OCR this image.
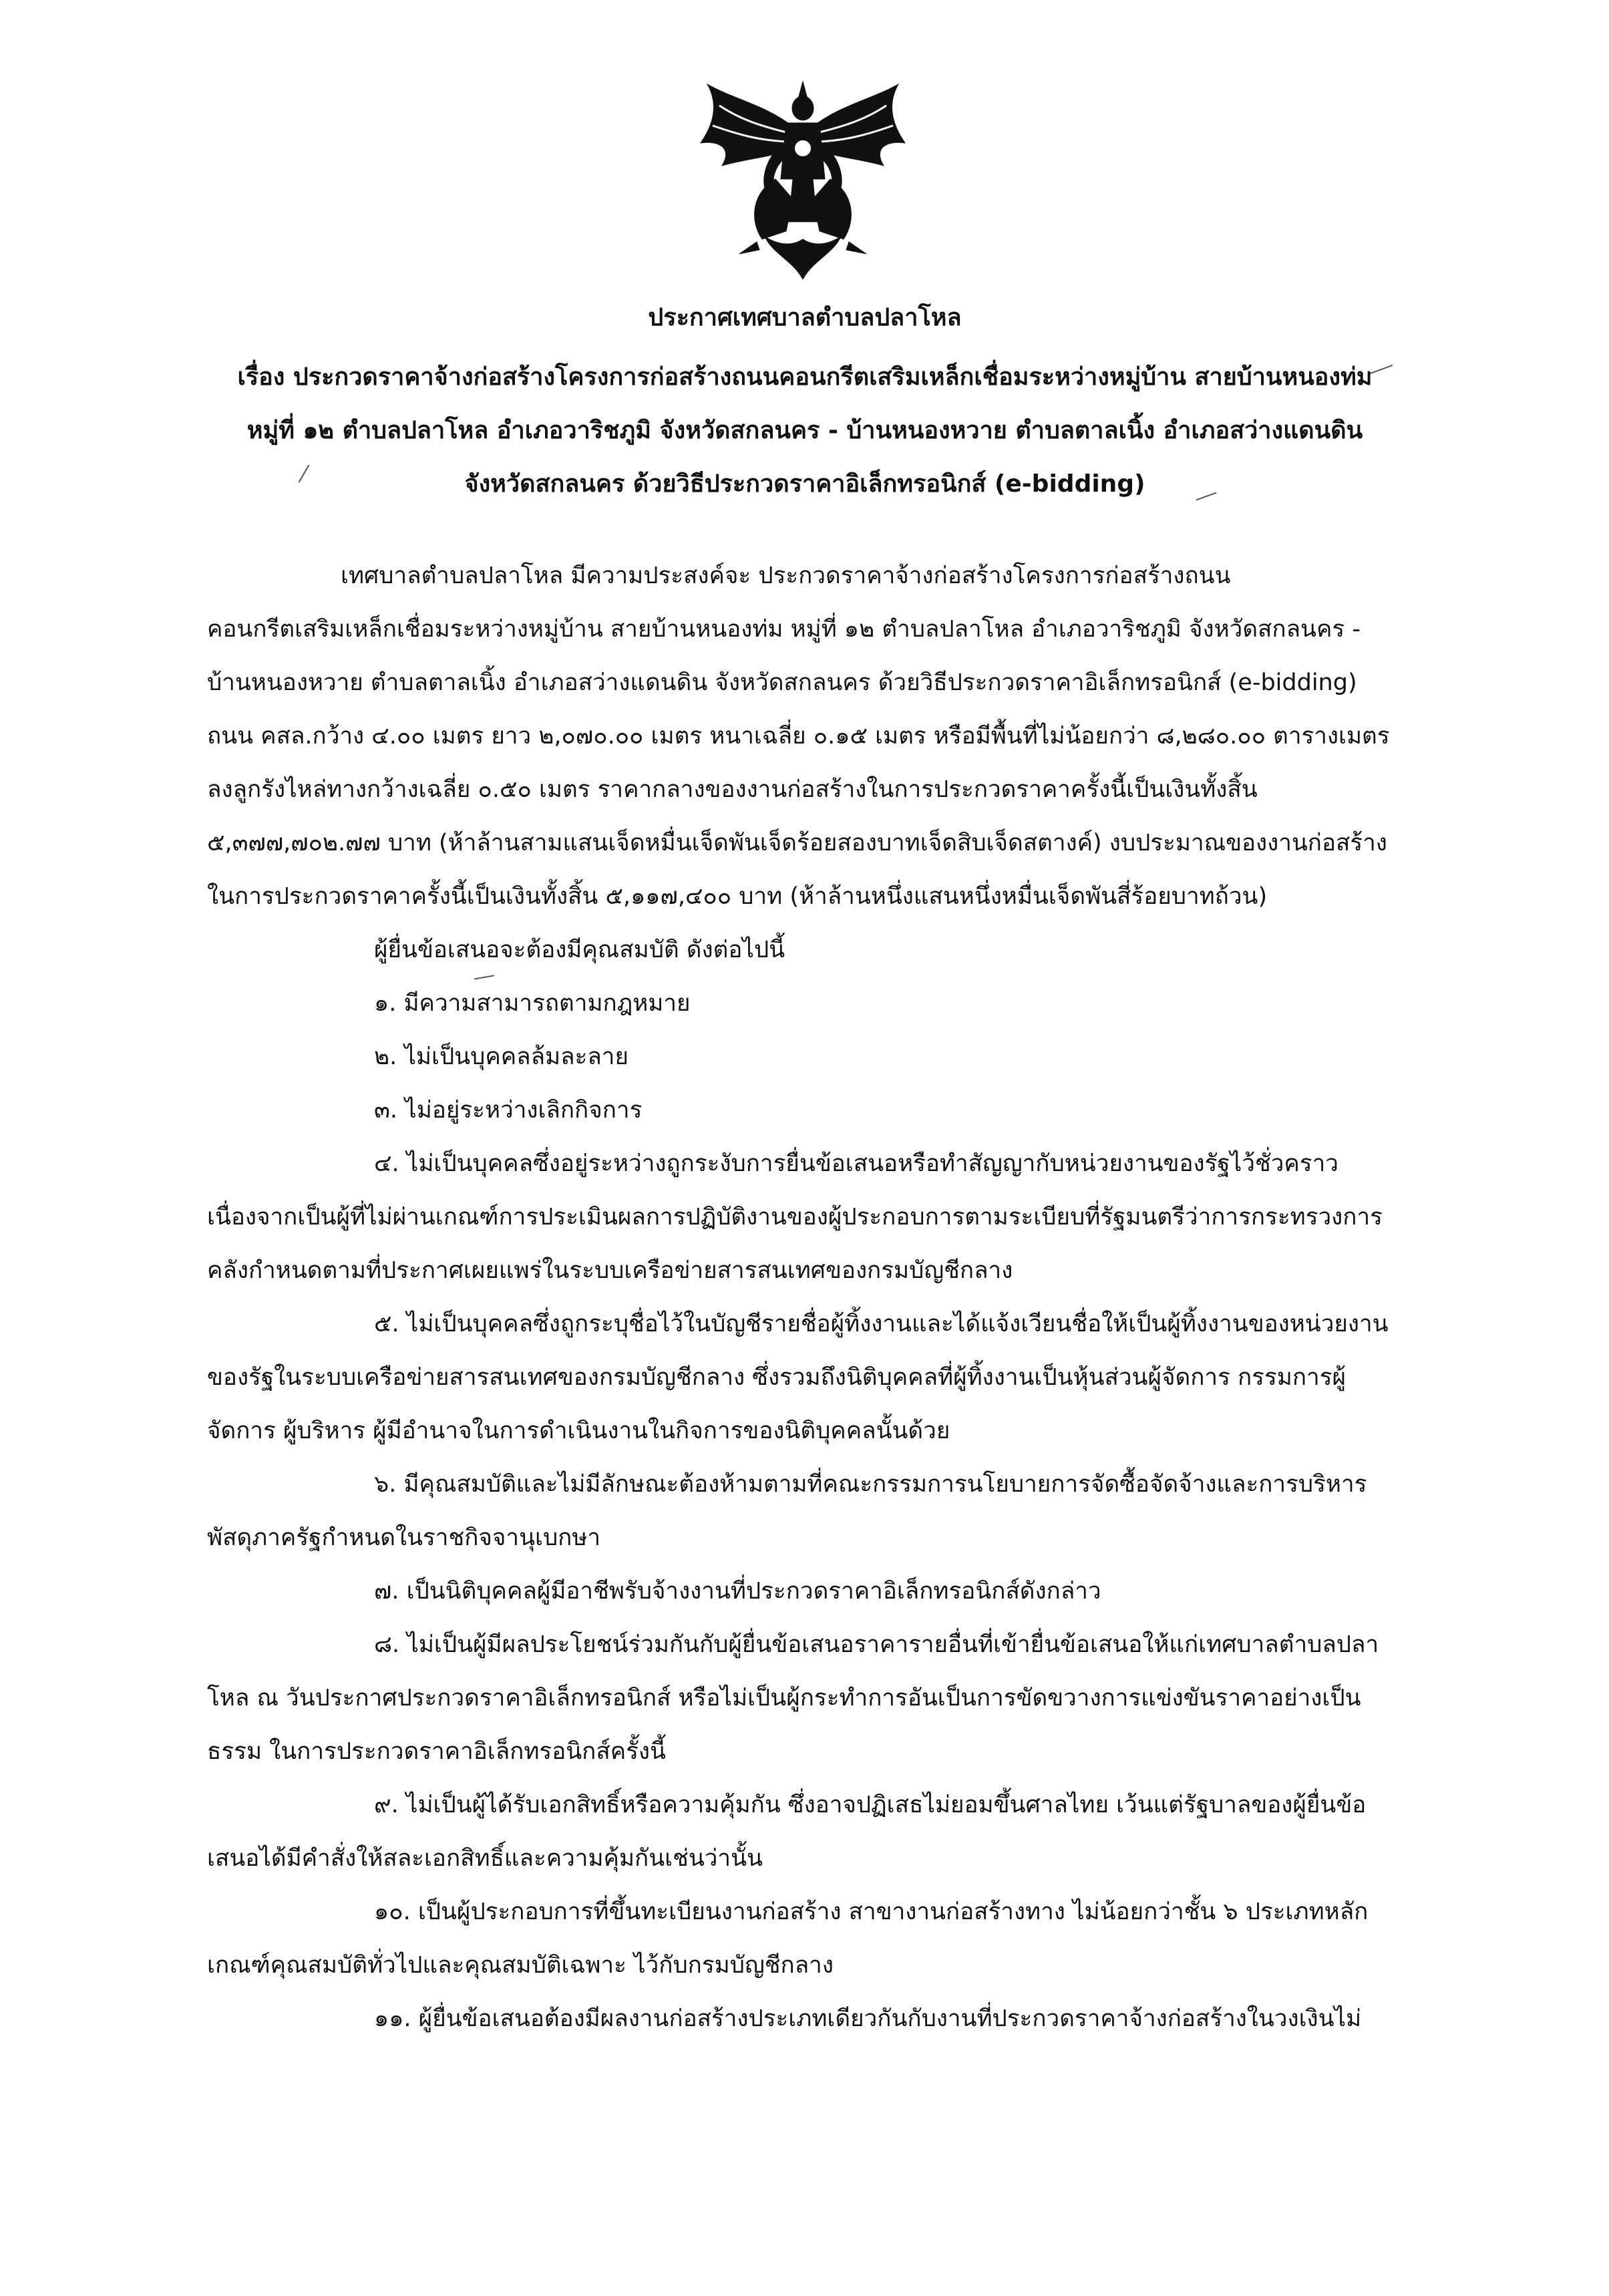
ประกาศเทศบาลตำบลปลาโหล
เรื่อง ประกวดราคาจ้างก่อสร้างโครงการก่อสร้างถนนคอนกรีตเสริมเหล็กเชื่อมระหว่างหมู่บ้าน สายบ้านหนองท่ม
หมู่ที่ ๑๒ ตำบลปลาโหล อำเภอวาริชภูมิ จังหวัดสกลนคร - บ้านหนองหวาย ตำบลตาลเนิ้ง อำเภอสว่างแดนดิน
จังหวัดสกลนคร ด้วยวิธีประกวดราคาอิเล็กทรอนิกส์ (e-bidding)

เทศบาลตำบลปลาโหล มีความประสงค์จะ ประกวดราคาจ้างก่อสร้างโครงการก่อสร้างถนนคอนกรีตเสริมเหล็กเชื่อมระหว่างหมู่บ้าน สายบ้านหนองท่ม หมู่ที่ ๑๒ ตำบลปลาโหล อำเภอวาริชภูมิ จังหวัดสกลนคร - บ้านหนองหวาย ตำบลตาลเนิ้ง อำเภอสว่างแดนดิน จังหวัดสกลนคร ด้วยวิธีประกวดราคาอิเล็กทรอนิกส์ (e-bidding) ถนน คสล.กว้าง ๔.๐๐ เมตร ยาว ๒,๐๗๐.๐๐ เมตร หนาเฉลี่ย ๐.๑๕ เมตร หรือมีพื้นที่ไม่น้อยกว่า ๘,๒๘๐.๐๐ ตารางเมตร ลงลูกรังไหล่ทางกว้างเฉลี่ย ๐.๕๐ เมตร ราคากลางของงานก่อสร้างในการประกวดราคาครั้งนี้เป็นเงินทั้งสิ้น ๕,๓๗๗,๗๐๒.๗๗ บาท (ห้าล้านสามแสนเจ็ดหมื่นเจ็ดพันเจ็ดร้อยสองบาทเจ็ดสิบเจ็ดสตางค์) งบประมาณของงานก่อสร้างในการประกวดราคาครั้งนี้เป็นเงินทั้งสิ้น ๕,๑๑๗,๔๐๐ บาท (ห้าล้านหนึ่งแสนหนึ่งหมื่นเจ็ดพันสี่ร้อยบาทถ้วน)

ผู้ยื่นข้อเสนอจะต้องมีคุณสมบัติ ดังต่อไปนี้

๑. มีความสามารถตามกฎหมาย

๒. ไม่เป็นบุคคลล้มละลาย

๓. ไม่อยู่ระหว่างเลิกกิจการ

๔. ไม่เป็นบุคคลซึ่งอยู่ระหว่างถูกระงับการยื่นข้อเสนอหรือทำสัญญากับหน่วยงานของรัฐไว้ชั่วคราว เนื่องจากเป็นผู้ที่ไม่ผ่านเกณฑ์การประเมินผลการปฏิบัติงานของผู้ประกอบการตามระเบียบที่รัฐมนตรีว่าการกระทรวงการคลังกำหนดตามที่ประกาศเผยแพร่ในระบบเครือข่ายสารสนเทศของกรมบัญชีกลาง

๕. ไม่เป็นบุคคลซึ่งถูกระบุชื่อไว้ในบัญชีรายชื่อผู้ทิ้งงานและได้แจ้งเวียนชื่อให้เป็นผู้ทิ้งงานของหน่วยงานของรัฐในระบบเครือข่ายสารสนเทศของกรมบัญชีกลาง ซึ่งรวมถึงนิติบุคคลที่ผู้ทิ้งงานเป็นหุ้นส่วนผู้จัดการ กรรมการผู้จัดการ ผู้บริหาร ผู้มีอำนาจในการดำเนินงานในกิจการของนิติบุคคลนั้นด้วย

๖. มีคุณสมบัติและไม่มีลักษณะต้องห้ามตามที่คณะกรรมการนโยบายการจัดซื้อจัดจ้างและการบริหารพัสดุภาครัฐกำหนดในราชกิจจานุเบกษา

๗. เป็นนิติบุคคลผู้มีอาชีพรับจ้างงานที่ประกวดราคาอิเล็กทรอนิกส์ดังกล่าว

๘. ไม่เป็นผู้มีผลประโยชน์ร่วมกันกับผู้ยื่นข้อเสนอราคารายอื่นที่เข้ายื่นข้อเสนอให้แก่เทศบาลตำบลปลาโหล ณ วันประกาศประกวดราคาอิเล็กทรอนิกส์ หรือไม่เป็นผู้กระทำการอันเป็นการขัดขวางการแข่งขันราคาอย่างเป็นธรรม ในการประกวดราคาอิเล็กทรอนิกส์ครั้งนี้

๙. ไม่เป็นผู้ได้รับเอกสิทธิ์หรือความคุ้มกัน ซึ่งอาจปฏิเสธไม่ยอมขึ้นศาลไทย เว้นแต่รัฐบาลของผู้ยื่นข้อเสนอได้มีคำสั่งให้สละเอกสิทธิ์และความคุ้มกันเช่นว่านั้น

๑๐. เป็นผู้ประกอบการที่ขึ้นทะเบียนงานก่อสร้าง สาขางานก่อสร้างทาง ไม่น้อยกว่าชั้น ๖ ประเภทหลักเกณฑ์คุณสมบัติทั่วไปและคุณสมบัติเฉพาะ ไว้กับกรมบัญชีกลาง

๑๑. ผู้ยื่นข้อเสนอต้องมีผลงานก่อสร้างประเภทเดียวกันกับงานที่ประกวดราคาจ้างก่อสร้างในวงเงินไม่
